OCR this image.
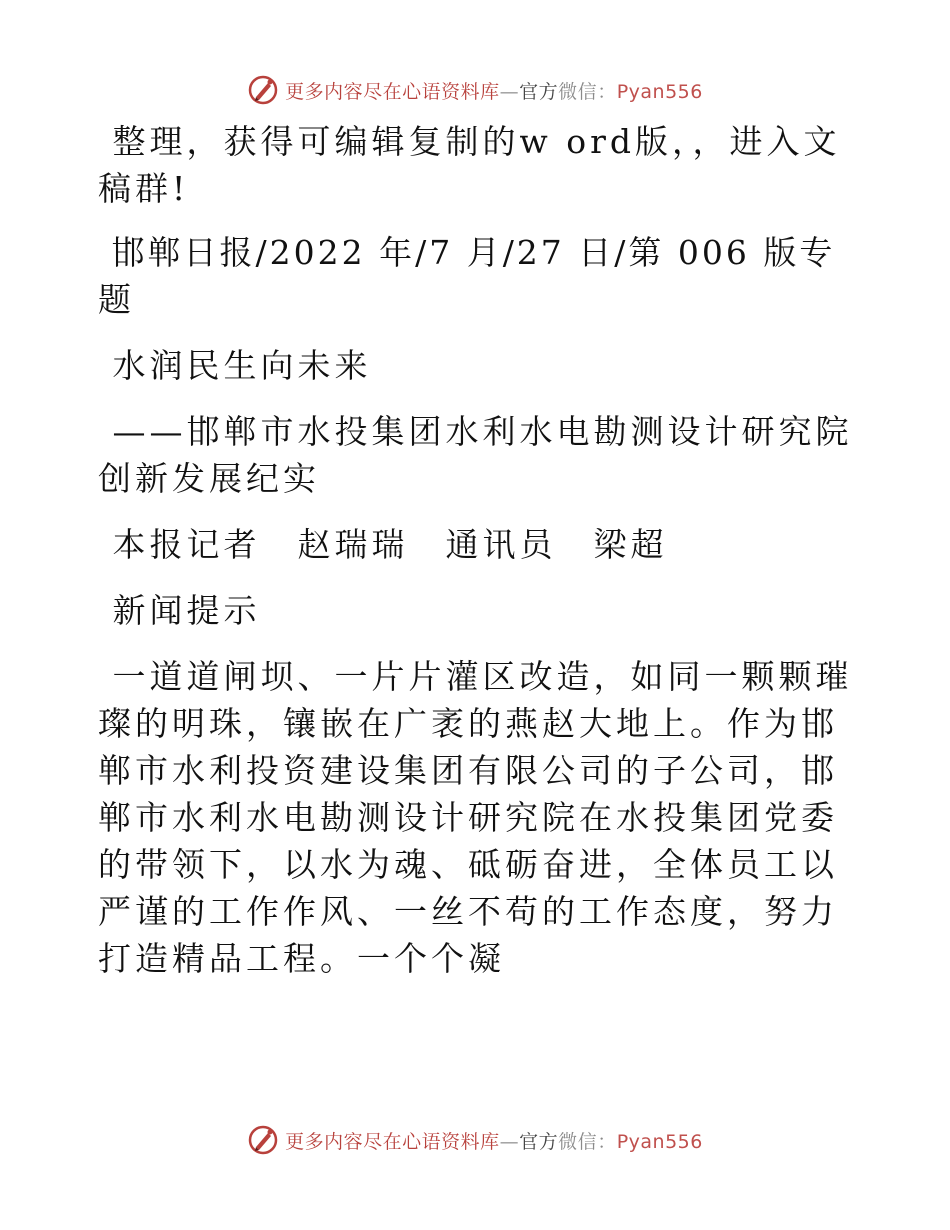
更多内容尽在心语资料库—官方微信：Pyan556

整理，获得可编辑复制的w ord版，，进入文稿群!

邯郸日报/2022 年/7 月/27 日/第 006 版专题

水润民生向未来

——邯郸市水投集团水利水电勘测设计研究院创新发展纪实

本报记者　赵瑞瑞　通讯员　梁超

新闻提示

一道道闸坝、一片片灌区改造，如同一颗颗璀璨的明珠，镶嵌在广袤的燕赵大地上。作为邯郸市水利投资建设集团有限公司的子公司，邯郸市水利水电勘测设计研究院在水投集团党委的带领下，以水为魂、砥砺奋进，全体员工以严谨的工作作风、一丝不苟的工作态度，努力打造精品工程。一个个凝

更多内容尽在心语资料库—官方微信：Pyan556
